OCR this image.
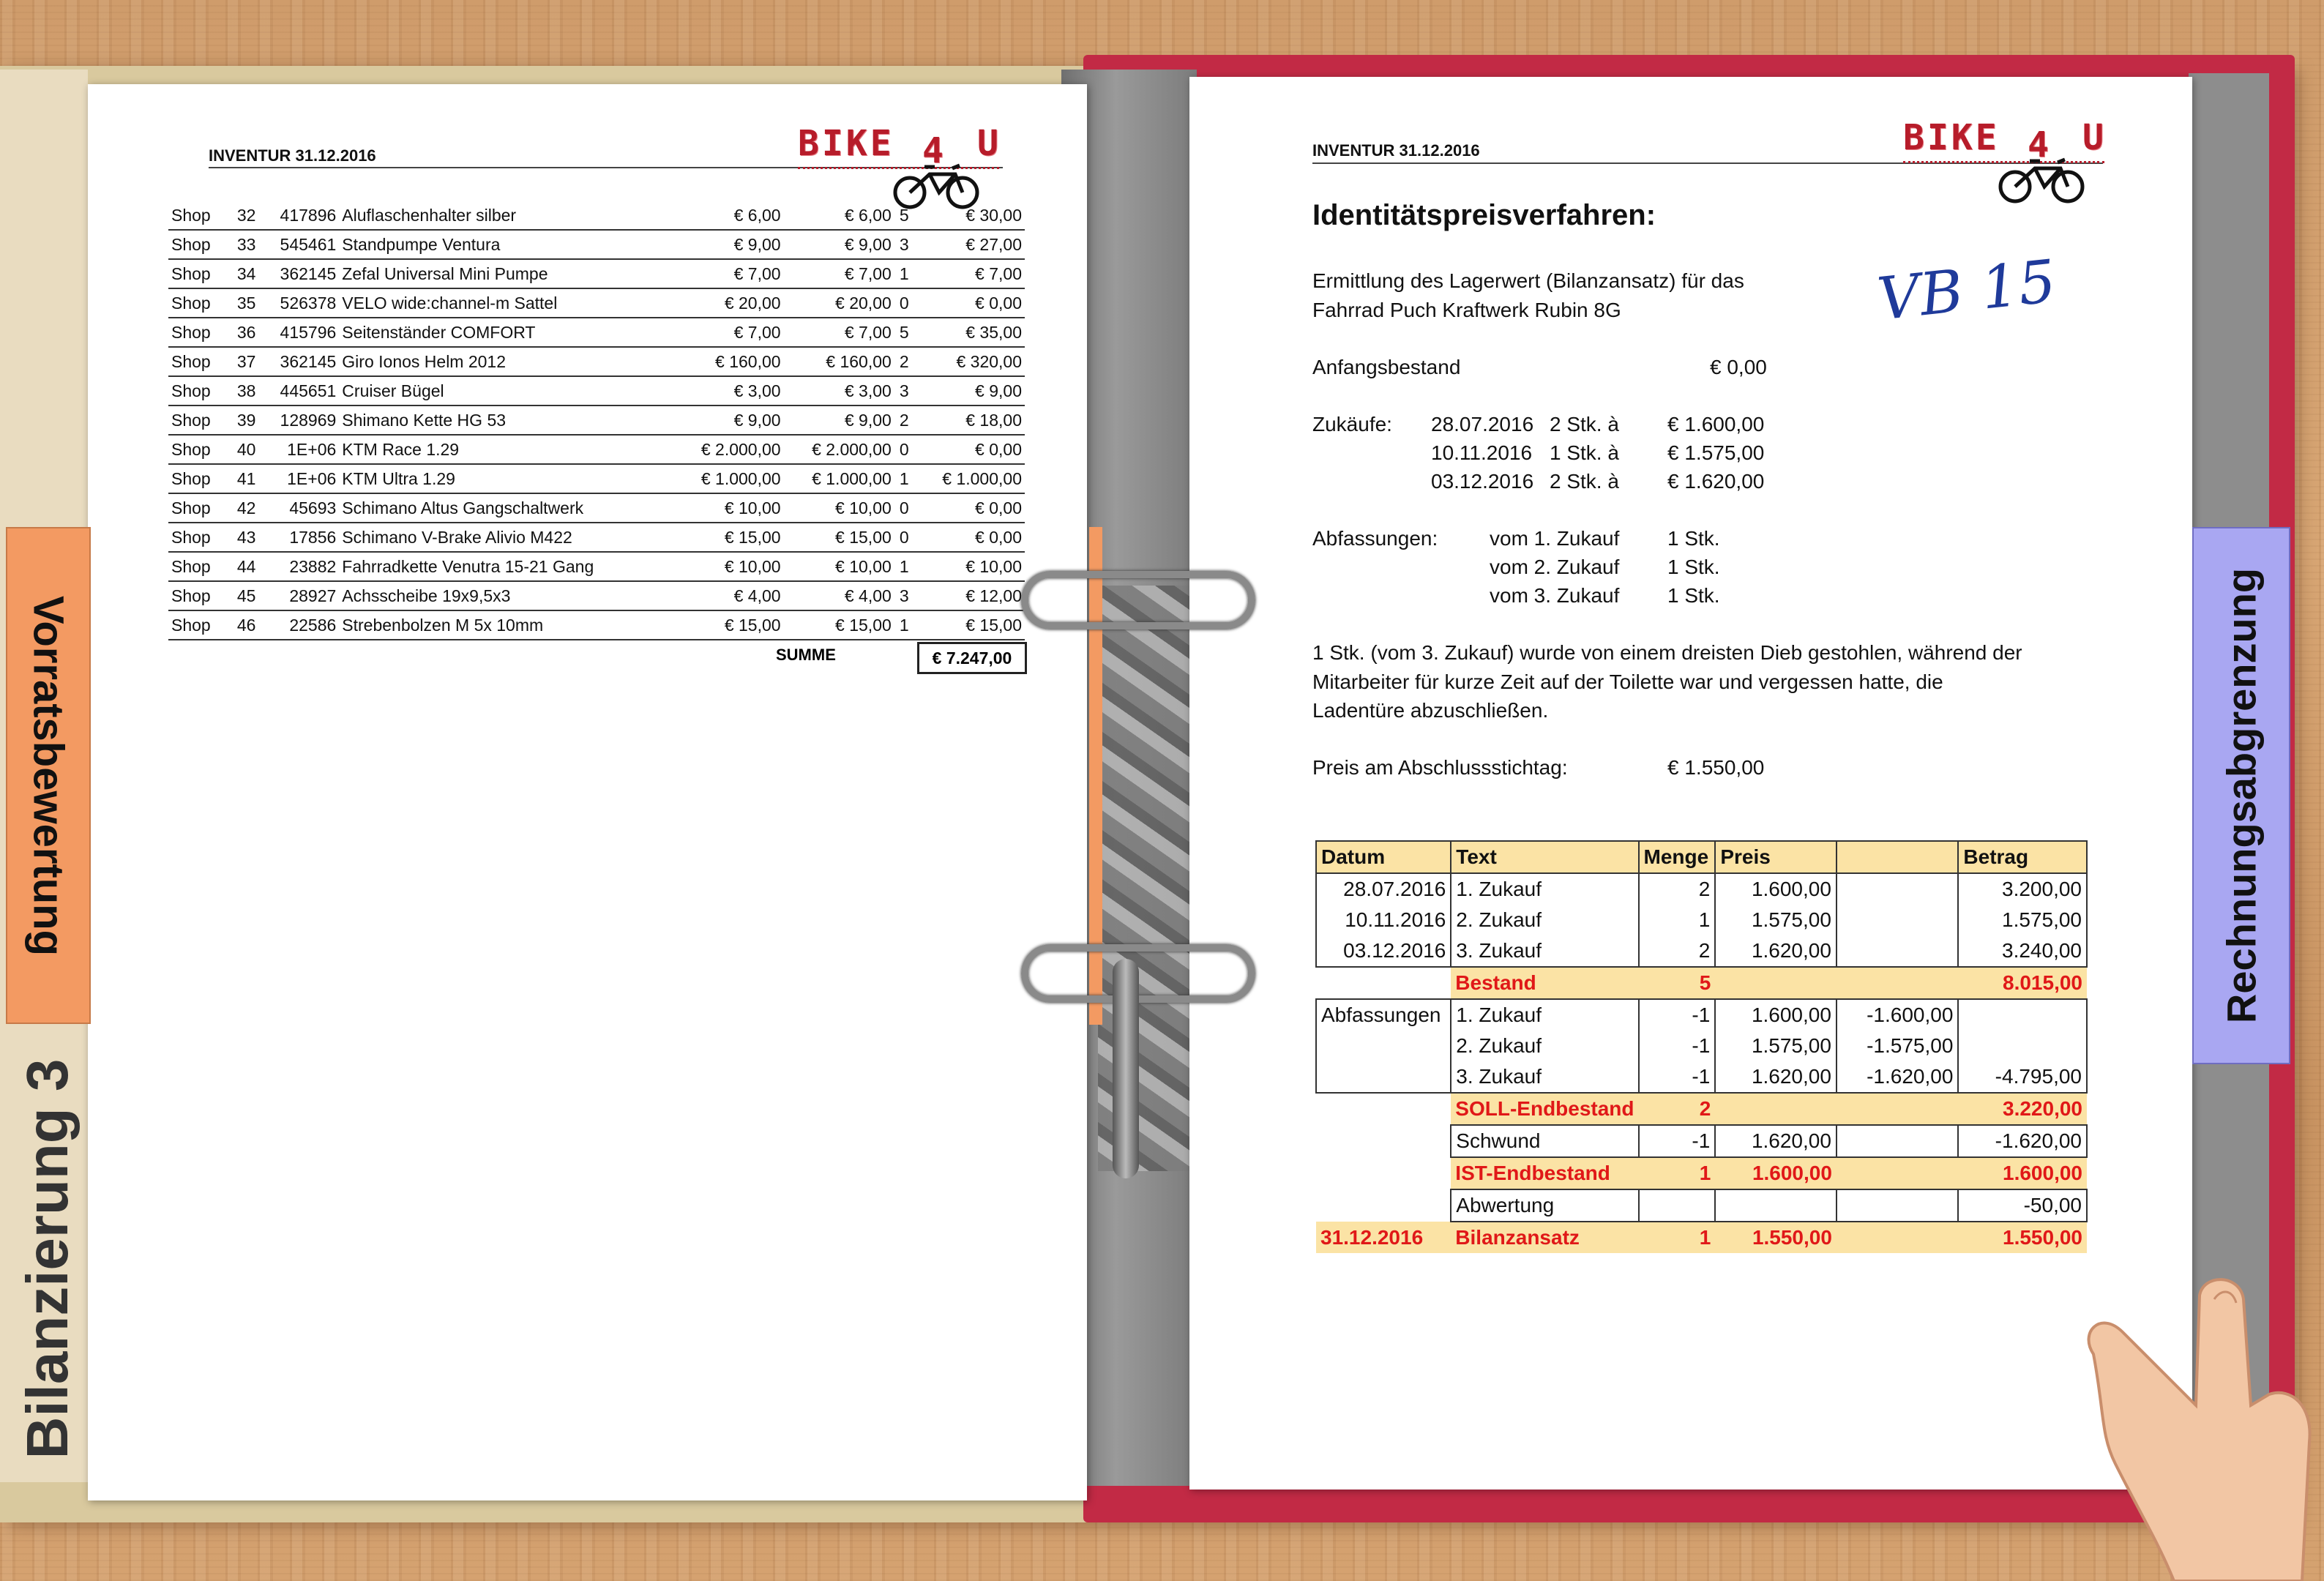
INVENTUR 31.12.2016	BIKE 4 U
Shop	32	417896	Aluflaschenhalter silber	€ 6,00	€ 6,00	5	€ 30,00
Shop	33	545461	Standpumpe Ventura	€ 9,00	€ 9,00	3	€ 27,00
Shop	34	362145	Zefal Universal Mini Pumpe	€ 7,00	€ 7,00	1	€ 7,00
Shop	35	526378	VELO wide:channel-m Sattel	€ 20,00	€ 20,00	0	€ 0,00
Shop	36	415796	Seitenständer COMFORT	€ 7,00	€ 7,00	5	€ 35,00
Shop	37	362145	Giro Ionos Helm 2012	€ 160,00	€ 160,00	2	€ 320,00
Shop	38	445651	Cruiser Bügel	€ 3,00	€ 3,00	3	€ 9,00
Shop	39	128969	Shimano Kette HG 53	€ 9,00	€ 9,00	2	€ 18,00
Shop	40	1E+06	KTM Race 1.29	€ 2.000,00	€ 2.000,00	0	€ 0,00
Shop	41	1E+06	KTM Ultra 1.29	€ 1.000,00	€ 1.000,00	1	€ 1.000,00
Shop	42	45693	Schimano Altus Gangschaltwerk	€ 10,00	€ 10,00	0	€ 0,00
Shop	43	17856	Schimano V-Brake Alivio M422	€ 15,00	€ 15,00	0	€ 0,00
Shop	44	23882	Fahrradkette Venutra 15-21 Gang	€ 10,00	€ 10,00	1	€ 10,00
Shop	45	28927	Achsscheibe 19x9,5x3	€ 4,00	€ 4,00	3	€ 12,00
Shop	46	22586	Strebenbolzen M 5x 10mm	€ 15,00	€ 15,00	1	€ 15,00
SUMME	€ 7.247,00
Vorratsbewertung
Bilanzierung 3
INVENTUR 31.12.2016	BIKE 4 U
Identitätspreisverfahren:
VB 15
Ermittlung des Lagerwert (Bilanzansatz) für das
Fahrrad Puch Kraftwerk Rubin 8G
Anfangsbestand	€ 0,00
Zukäufe: 28.07.2016 2 Stk. à € 1.600,00
10.11.2016 1 Stk. à € 1.575,00
03.12.2016 2 Stk. à € 1.620,00
Abfassungen:	vom 1. Zukauf 1 Stk.
vom 2. Zukauf 1 Stk.
vom 3. Zukauf 1 Stk.
1 Stk. (vom 3. Zukauf) wurde von einem dreisten Dieb gestohlen, während der
Mitarbeiter für kurze Zeit auf der Toilette war und vergessen hatte, die
Ladentüre abzuschließen.
Preis am Abschlussstichtag:	€ 1.550,00
Datum	Text	Menge	Preis		Betrag
28.07.2016	1. Zukauf	2	1.600,00		3.200,00
10.11.2016	2. Zukauf	1	1.575,00		1.575,00
03.12.2016	3. Zukauf	2	1.620,00		3.240,00
	Bestand	5			8.015,00
Abfassungen	1. Zukauf	-1	1.600,00	-1.600,00	
	2. Zukauf	-1	1.575,00	-1.575,00	
	3. Zukauf	-1	1.620,00	-1.620,00	-4.795,00
	SOLL-Endbestand	2			3.220,00
	Schwund	-1	1.620,00		-1.620,00
	IST-Endbestand	1	1.600,00		1.600,00
	Abwertung				-50,00
31.12.2016	Bilanzansatz	1	1.550,00		1.550,00
Rechnungsabgrenzung
